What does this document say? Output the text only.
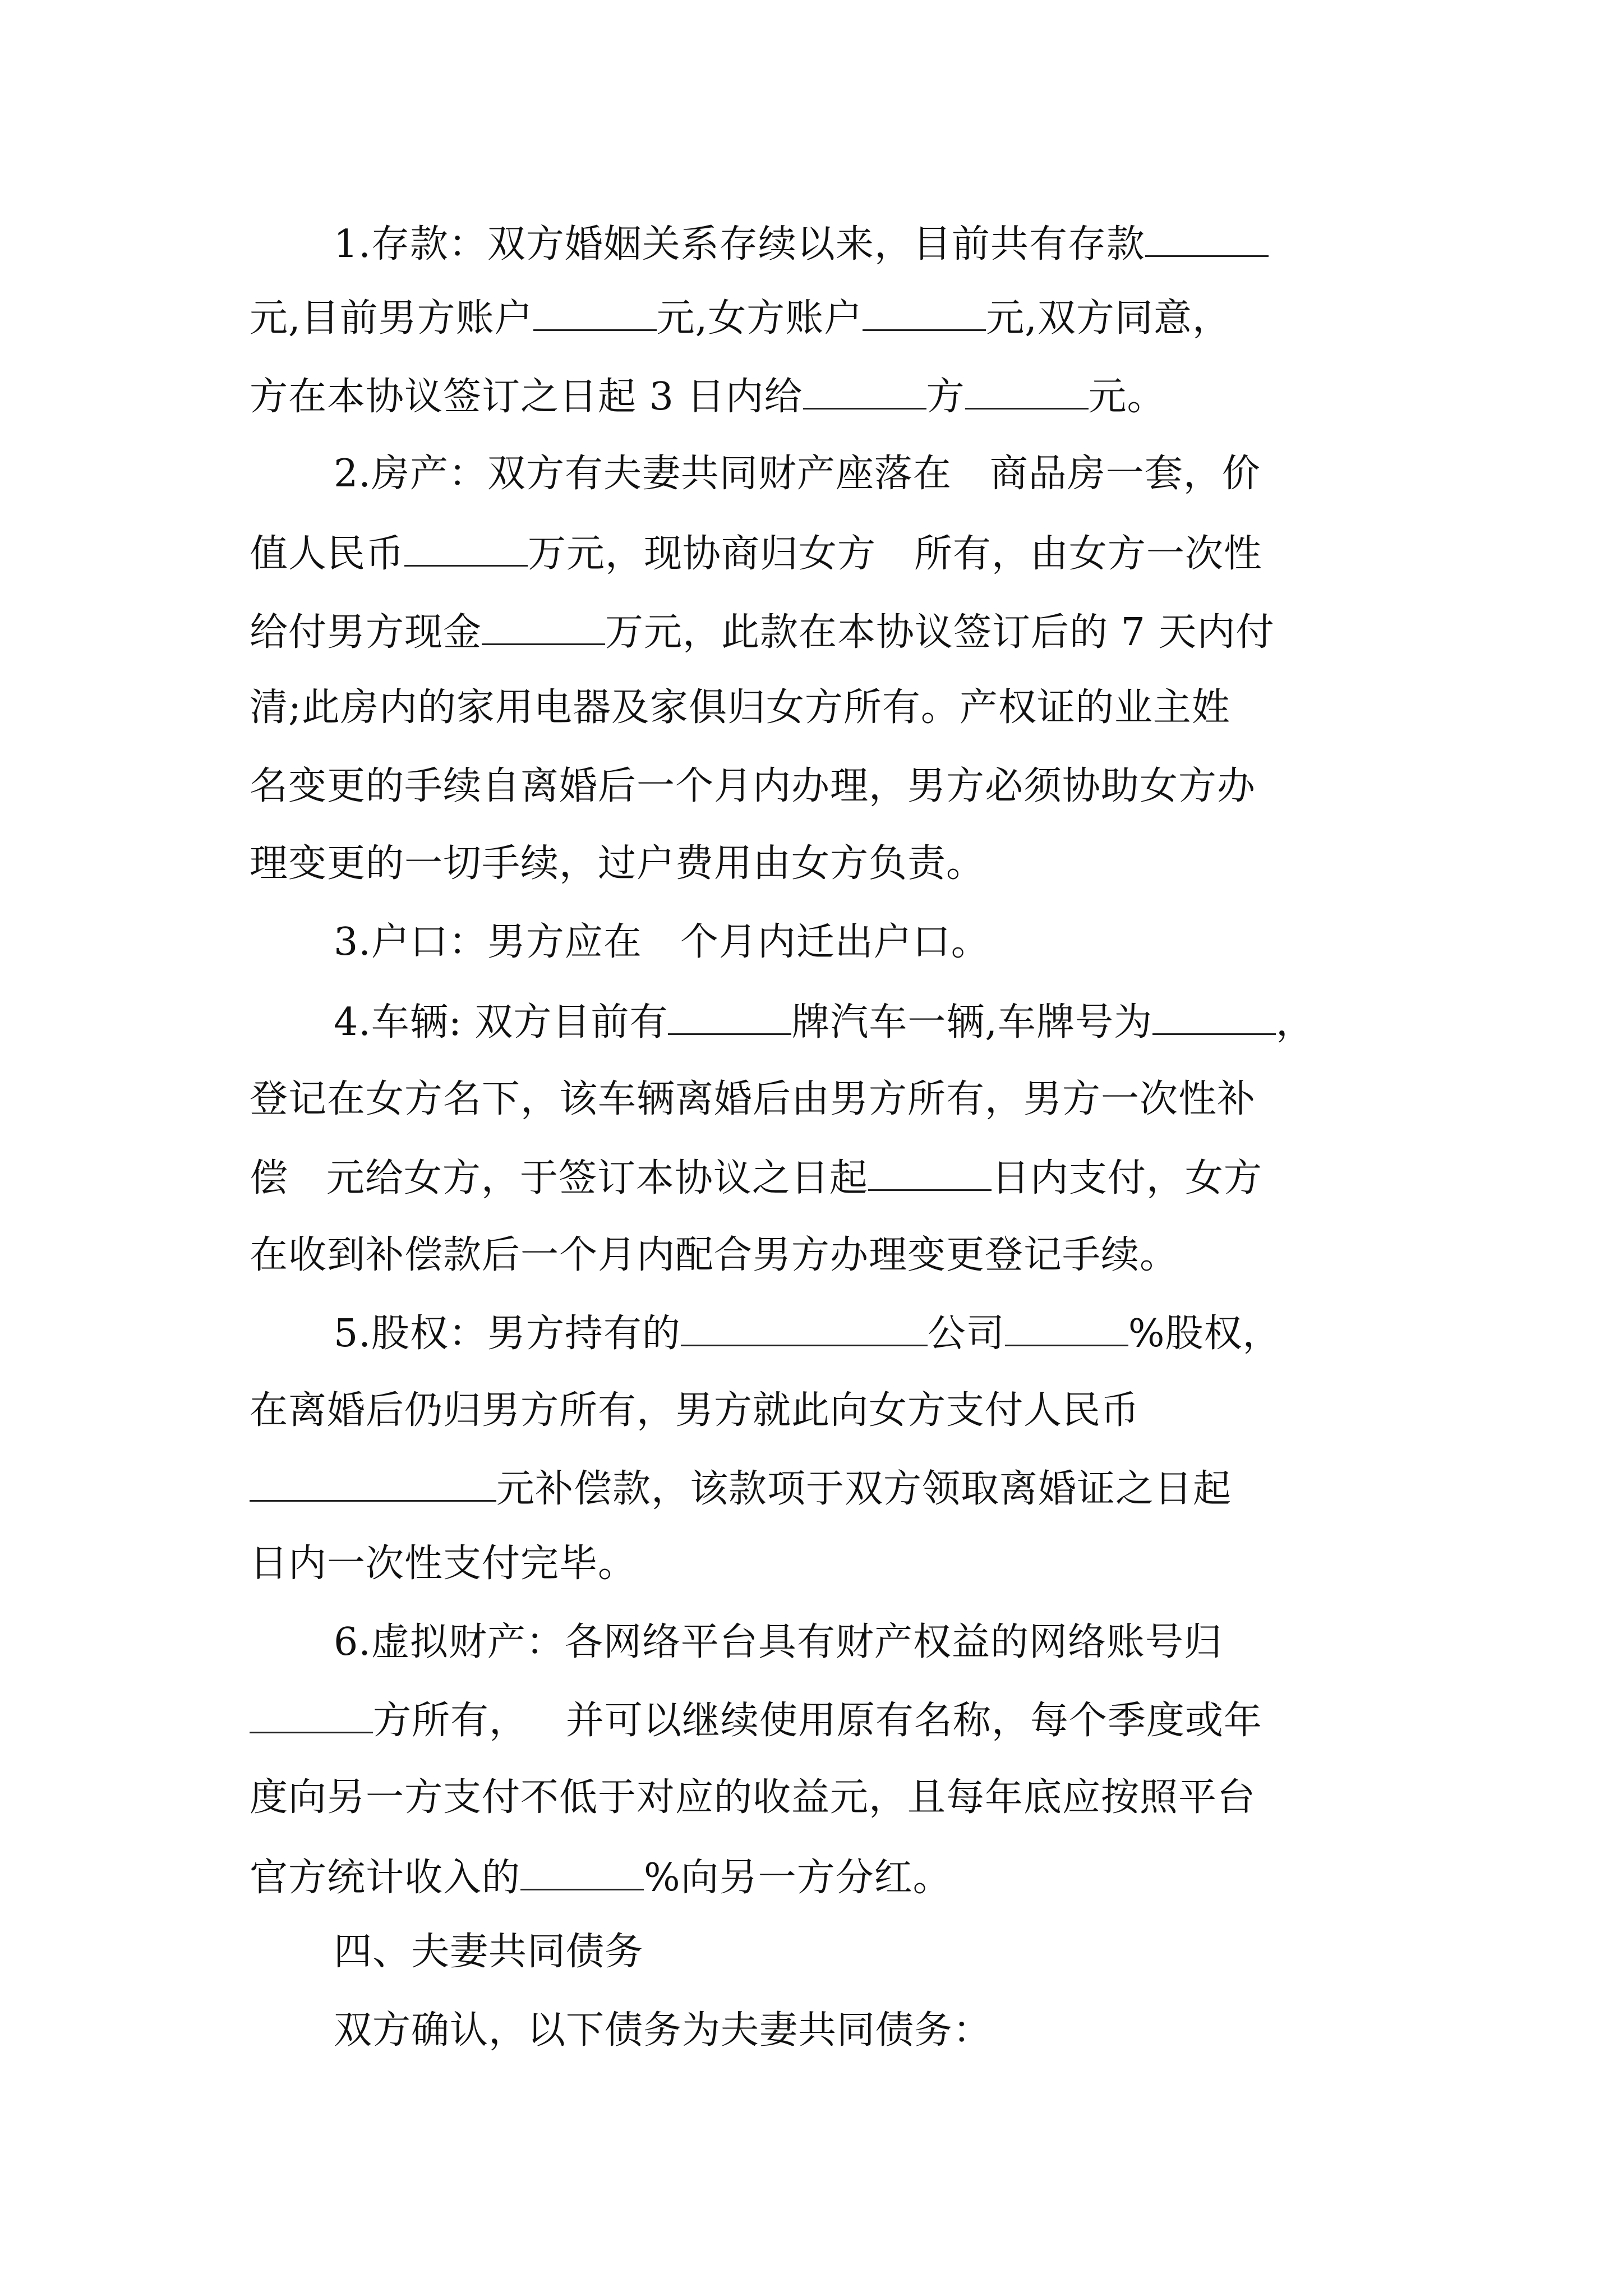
1.存款：双方婚姻关系存续以来，目前共有存款
元,目前男方账户	元,女方账户	元,双方同意，
方在本协议签订之日起 3 日内给	方	元。
2.房产：双方有夫妻共同财产座落在   商品房一套，价
值人民币	万元，现协商归女方   所有，由女方一次性
给付男方现金	万元，此款在本协议签订后的 7 天内付
清;此房内的家用电器及家俱归女方所有。产权证的业主姓
名变更的手续自离婚后一个月内办理，男方必须协助女方办
理变更的一切手续，过户费用由女方负责。
3.户口：男方应在   个月内迁出户口。
4.车辆: 双方目前有	牌汽车一辆,车牌号为	，
登记在女方名下，该车辆离婚后由男方所有，男方一次性补
偿   元给女方，于签订本协议之日起	日内支付，女方
在收到补偿款后一个月内配合男方办理变更登记手续。
5.股权：男方持有的	公司	%股权，
在离婚后仍归男方所有，男方就此向女方支付人民币
元补偿款，该款项于双方领取离婚证之日起
日内一次性支付完毕。
6.虚拟财产：各网络平台具有财产权益的网络账号归
方所有，   并可以继续使用原有名称，每个季度或年
度向另一方支付不低于对应的收益元，且每年底应按照平台
官方统计收入的	%向另一方分红。
四、夫妻共同债务
双方确认，以下债务为夫妻共同债务：
